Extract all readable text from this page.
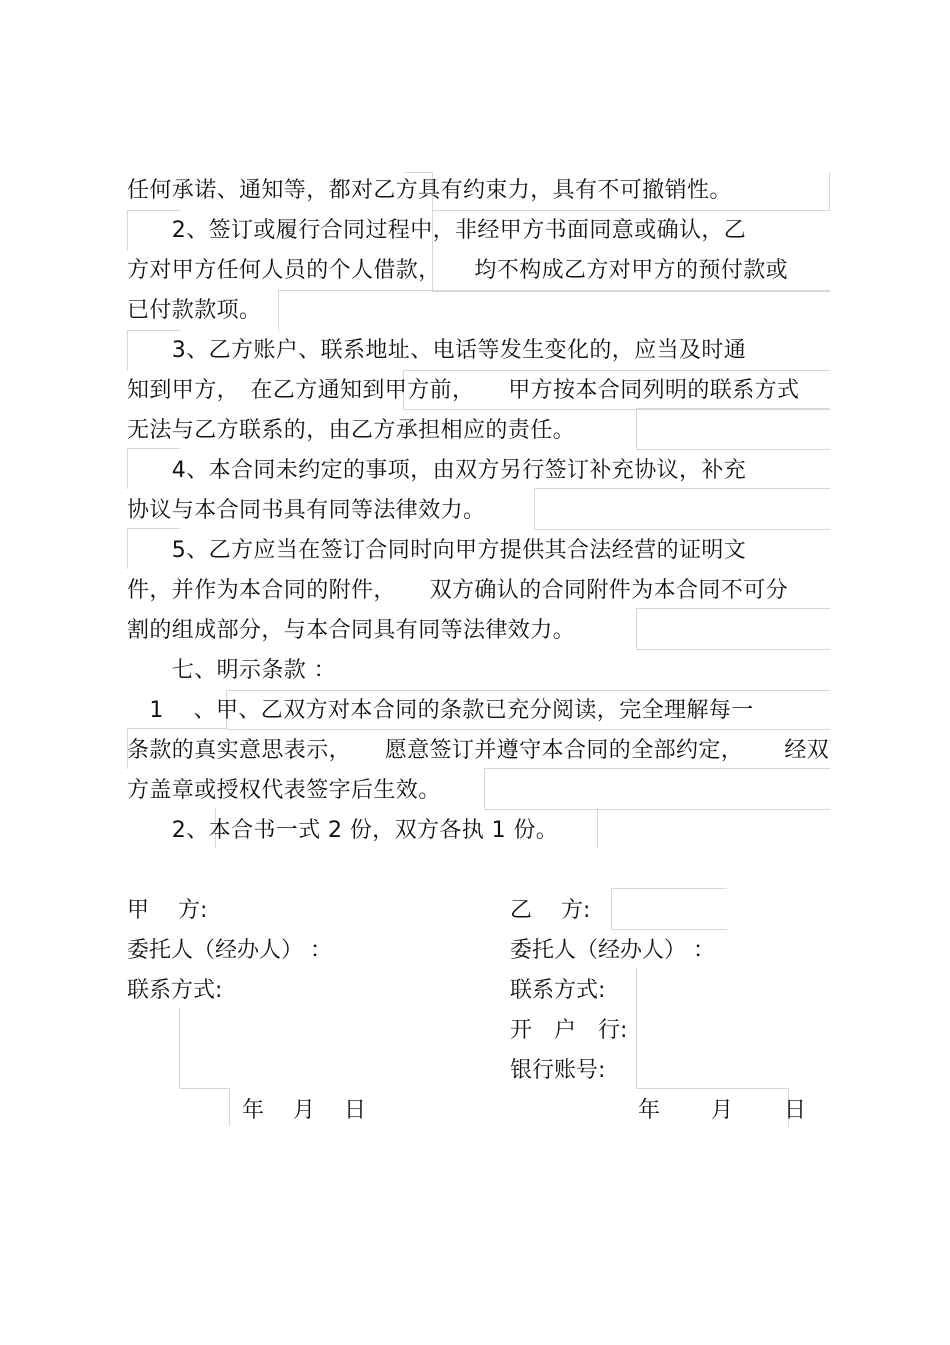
任何承诺、通知等，都对乙方具有约束力，具有不可撤销性。
　　2、签订或履行合同过程中，非经甲方书面同意或确认，乙
方对甲方任何人员的个人借款，　　均不构成乙方对甲方的预付款或
已付款款项。
　　3、乙方账户、联系地址、电话等发生变化的，应当及时通
知到甲方，　在乙方通知到甲方前，　　甲方按本合同列明的联系方式
无法与乙方联系的，由乙方承担相应的责任。
　　4、本合同未约定的事项，由双方另行签订补充协议，补充
协议与本合同书具有同等法律效力。
　　5、乙方应当在签订合同时向甲方提供其合法经营的证明文
件，并作为本合同的附件，　　双方确认的合同附件为本合同不可分
割的组成部分，与本合同具有同等法律效力。
　　七、明示条款 ：
　1 　、甲、乙双方对本合同的条款已充分阅读，完全理解每一
条款的真实意思表示，　　愿意签订并遵守本合同的全部约定，　　 经双
方盖章或授权代表签字后生效。
　　2、本合书一式 2 份，双方各执 1 份。
甲　 方:
委托人（经办人） ：
联系方式:
年　 月　 日
乙　 方:
委托人（经办人） ：
联系方式:
开　户　行:
银行账号:
年　 　月　 　日
